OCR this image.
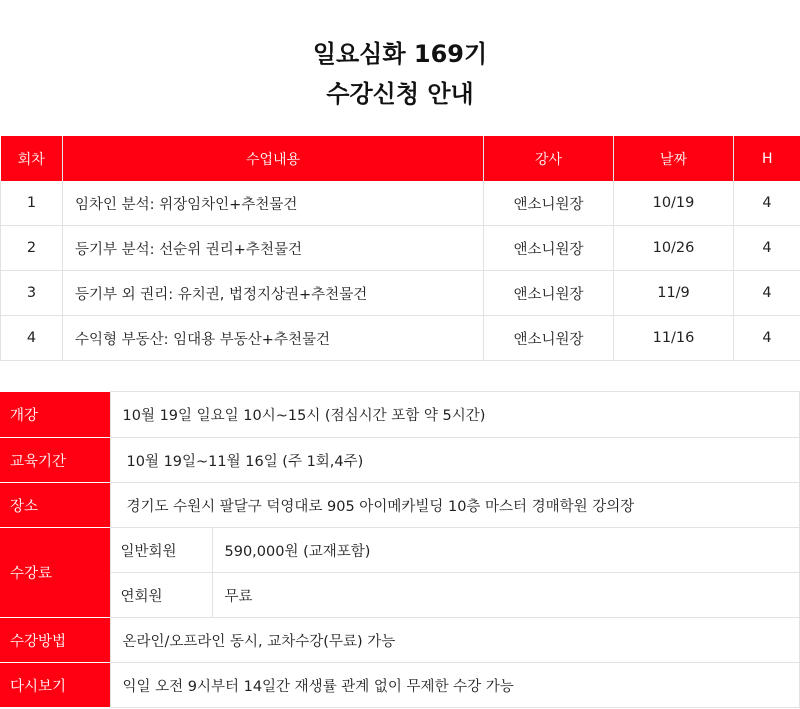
일요심화 169기
수강신청 안내
회차	수업내용	강사	날짜	H
1	임차인 분석: 위장임차인+추천물건	앤소니원장	10/19	4
2	등기부 분석: 선순위 권리+추천물건	앤소니원장	10/26	4
3	등기부 외 권리: 유치권, 법정지상권+추천물건	앤소니원장	11/9	4
4	수익형 부동산: 임대용 부동산+추천물건	앤소니원장	11/16	4
개강	10월 19일 일요일 10시~15시 (점심시간 포함 약 5시간)	
교육기간	10월 19일~11월 16일 (주 1회,4주)	
장소	경기도 수원시 팔달구 덕영대로 905 아이메카빌딩 10층 마스터 경매학원 강의장	
수강료	일반회원	590,000원 (교재포함)
	연회원	무료
수강방법	온라인/오프라인 동시, 교차수강(무료) 가능	
다시보기	익일 오전 9시부터 14일간 재생률 관계 없이 무제한 수강 가능	
